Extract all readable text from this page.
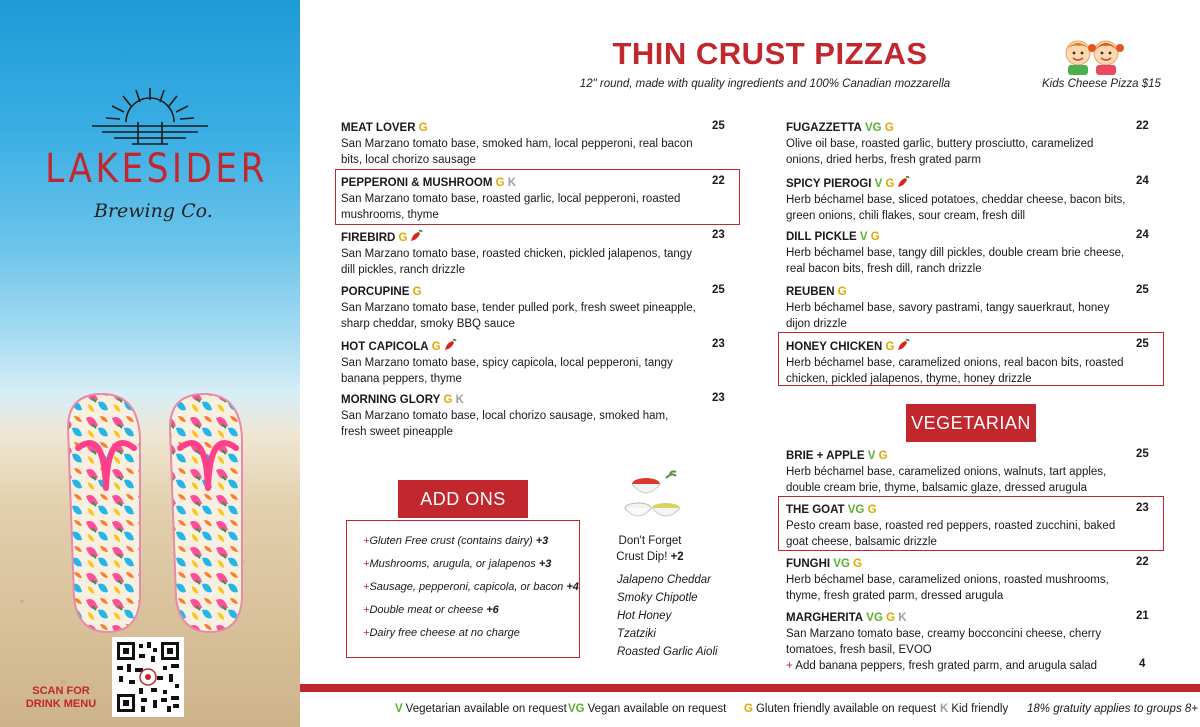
LAKESIDER
Brewing Co.
SCAN FOR DRINK MENU
THIN CRUST PIZZAS
12" round, made with quality ingredients and 100% Canadian mozzarella	Kids Cheese Pizza $15
MEAT LOVER G
San Marzano tomato base, smoked ham, local pepperoni, real bacon bits, local chorizo sausage
25
PEPPERONI & MUSHROOM G K
San Marzano tomato base, roasted garlic, local pepperoni, roasted mushrooms, thyme
22
FIREBIRD G
San Marzano tomato base, roasted chicken, pickled jalapenos, tangy dill pickles, ranch drizzle
23
PORCUPINE G
San Marzano tomato base, tender pulled pork, fresh sweet pineapple, sharp cheddar, smoky BBQ sauce
25
HOT CAPICOLA G
San Marzano tomato base, spicy capicola, local pepperoni, tangy banana peppers, thyme
23
MORNING GLORY G K
San Marzano tomato base, local chorizo sausage, smoked ham, fresh sweet pineapple
23
FUGAZZETTA VG G
Olive oil base, roasted garlic, buttery prosciutto, caramelized onions, dried herbs, fresh grated parm
22
SPICY PIEROGI V G
Herb béchamel base, sliced potatoes, cheddar cheese, bacon bits, green onions, chili flakes, sour cream, fresh dill
24
DILL PICKLE V G
Herb béchamel base, tangy dill pickles, double cream brie cheese, real bacon bits, fresh dill, ranch drizzle
24
REUBEN G
Herb béchamel base, savory pastrami, tangy sauerkraut, honey dijon drizzle
25
HONEY CHICKEN G
Herb béchamel base, caramelized onions, real bacon bits, roasted chicken, pickled jalapenos, thyme, honey drizzle
25
VEGETARIAN
BRIE + APPLE V G
Herb béchamel base, caramelized onions, walnuts, tart apples, double cream brie, thyme, balsamic glaze, dressed arugula
25
THE GOAT VG G
Pesto cream base, roasted red peppers, roasted zucchini, baked goat cheese, balsamic drizzle
23
FUNGHI VG G
Herb béchamel base, caramelized onions, roasted mushrooms, thyme, fresh grated parm, dressed arugula
22
MARGHERITA VG G K
San Marzano tomato base, creamy bocconcini cheese, cherry tomatoes, fresh basil, EVOO
21
+ Add banana peppers, fresh grated parm, and arugula salad	4
ADD ONS
+Gluten Free crust (contains dairy) +3
+Mushrooms, arugula, or jalapenos +3
+Sausage, pepperoni, capicola, or bacon +4
+Double meat or cheese +6
+Dairy free cheese at no charge
Don't Forget
Crust Dip! +2
Jalapeno Cheddar
Smoky Chipotle
Hot Honey
Tzatziki
Roasted Garlic Aioli
V Vegetarian available on request VG Vegan available on request G Gluten friendly available on request K Kid friendly 18% gratuity applies to groups 8+
